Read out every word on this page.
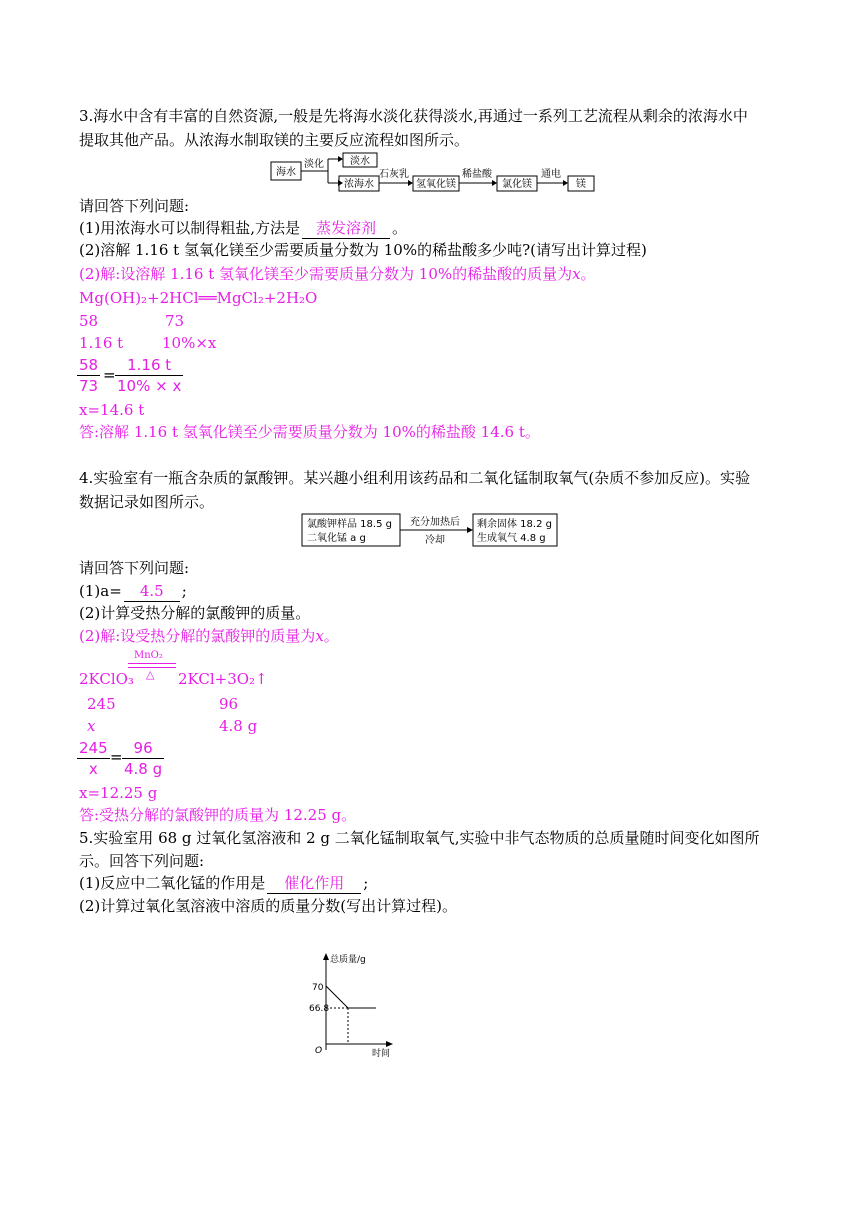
3.海水中含有丰富的自然资源,一般是先将海水淡化获得淡水,再通过一系列工艺流程从剩余的浓海水中
提取其他产品。从浓海水制取镁的主要反应流程如图所示。
海水
淡化	淡水
浓海水
石灰乳
氢氧化镁
稀盐酸
氯化镁
通电
镁
请回答下列问题:
(1)用浓海水可以制得粗盐,方法是 蒸发溶剂 。
(2)溶解 1.16 t 氢氧化镁至少需要质量分数为 10%的稀盐酸多少吨?(请写出计算过程)
(2)解:设溶解 1.16 t 氢氧化镁至少需要质量分数为 10%的稀盐酸的质量为x。
Mg(OH)₂+2HCl══MgCl₂+2H₂O
58	73
1.16 t	10%×x
$\frac{58}{73} = \frac{1.16 t}{10\% \times x}$
x=14.6 t
答:溶解 1.16 t 氢氧化镁至少需要质量分数为 10%的稀盐酸 14.6 t。
4.实验室有一瓶含杂质的氯酸钾。某兴趣小组利用该药品和二氧化锰制取氧气(杂质不参加反应)。实验
数据记录如图所示。
氯酸钾样品 18.5 g
二氧化锰 a g
充分加热后
冷却
剩余固体 18.2 g
生成氧气 4.8 g
请回答下列问题:
(1)a= 4.5 ;
(2)计算受热分解的氯酸钾的质量。
(2)解:设受热分解的氯酸钾的质量为x。
MnO₂
△
2KClO₃	2KCl+3O₂↑
245	96
x	4.8 g
$\frac{245}{x} = \frac{96}{4.8 g}$
x=12.25 g
答:受热分解的氯酸钾的质量为 12.25 g。
5.实验室用 68 g 过氧化氢溶液和 2 g 二氧化锰制取氧气,实验中非气态物质的总质量随时间变化如图所
示。回答下列问题:
(1)反应中二氧化锰的作用是 催化作用 ;
(2)计算过氧化氢溶液中溶质的质量分数(写出计算过程)。
总质量/g
时间
O
70
66.8
